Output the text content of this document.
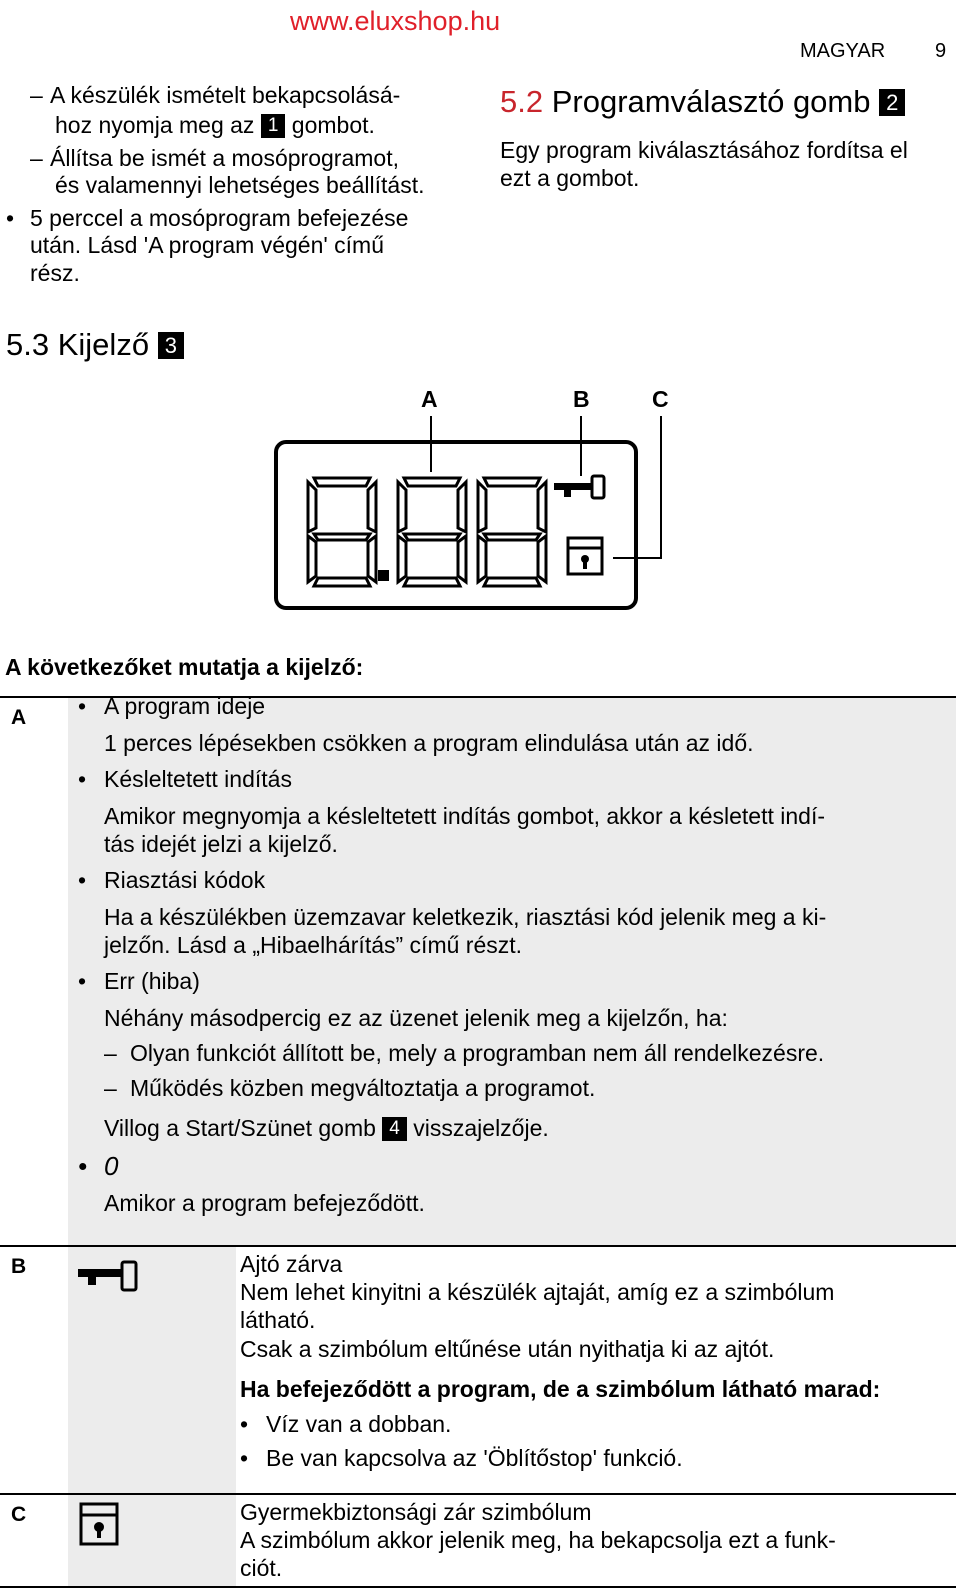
www.eluxshop.hu
MAGYAR 9
– A készülék ismételt bekapcsolásá-
hoz nyomja meg az 1 gombot.
– Állítsa be ismét a mosóprogramot,
és valamennyi lehetséges beállítást.
• 5 perccel a mosóprogram befejezése
után. Lásd 'A program végén' című
rész.
5.2 Programválasztó gomb 2
Egy program kiválasztásához fordítsa el
ezt a gombot.
5.3 Kijelző 3
A	B	C
A következőket mutatja a kijelző:
A
•	A program ideje
1 perces lépésekben csökken a program elindulása után az idő.
• Késleltetett indítás
Amikor megnyomja a késleltetett indítás gombot, akkor a késletett indí-
tás idejét jelzi a kijelző.
• Riasztási kódok
Ha a készülékben üzemzavar keletkezik, riasztási kód jelenik meg a ki-
jelzőn. Lásd a „Hibaelhárítás” című részt.
• Err (hiba)
Néhány másodpercig ez az üzenet jelenik meg a kijelzőn, ha:
– Olyan funkciót állított be, mely a programban nem áll rendelkezésre.
– Működés közben megváltoztatja a programot.
Villog a Start/Szünet gomb 4 visszajelzője.
• 0
Amikor a program befejeződött.
B	Ajtó zárva
Nem lehet kinyitni a készülék ajtaját, amíg ez a szimbólum
látható.
Csak a szimbólum eltűnése után nyithatja ki az ajtót.
Ha befejeződött a program, de a szimbólum látható marad:
• Víz van a dobban.
• Be van kapcsolva az 'Öblítőstop' funkció.
C	Gyermekbiztonsági zár szimbólum
A szimbólum akkor jelenik meg, ha bekapcsolja ezt a funk-
ciót.
